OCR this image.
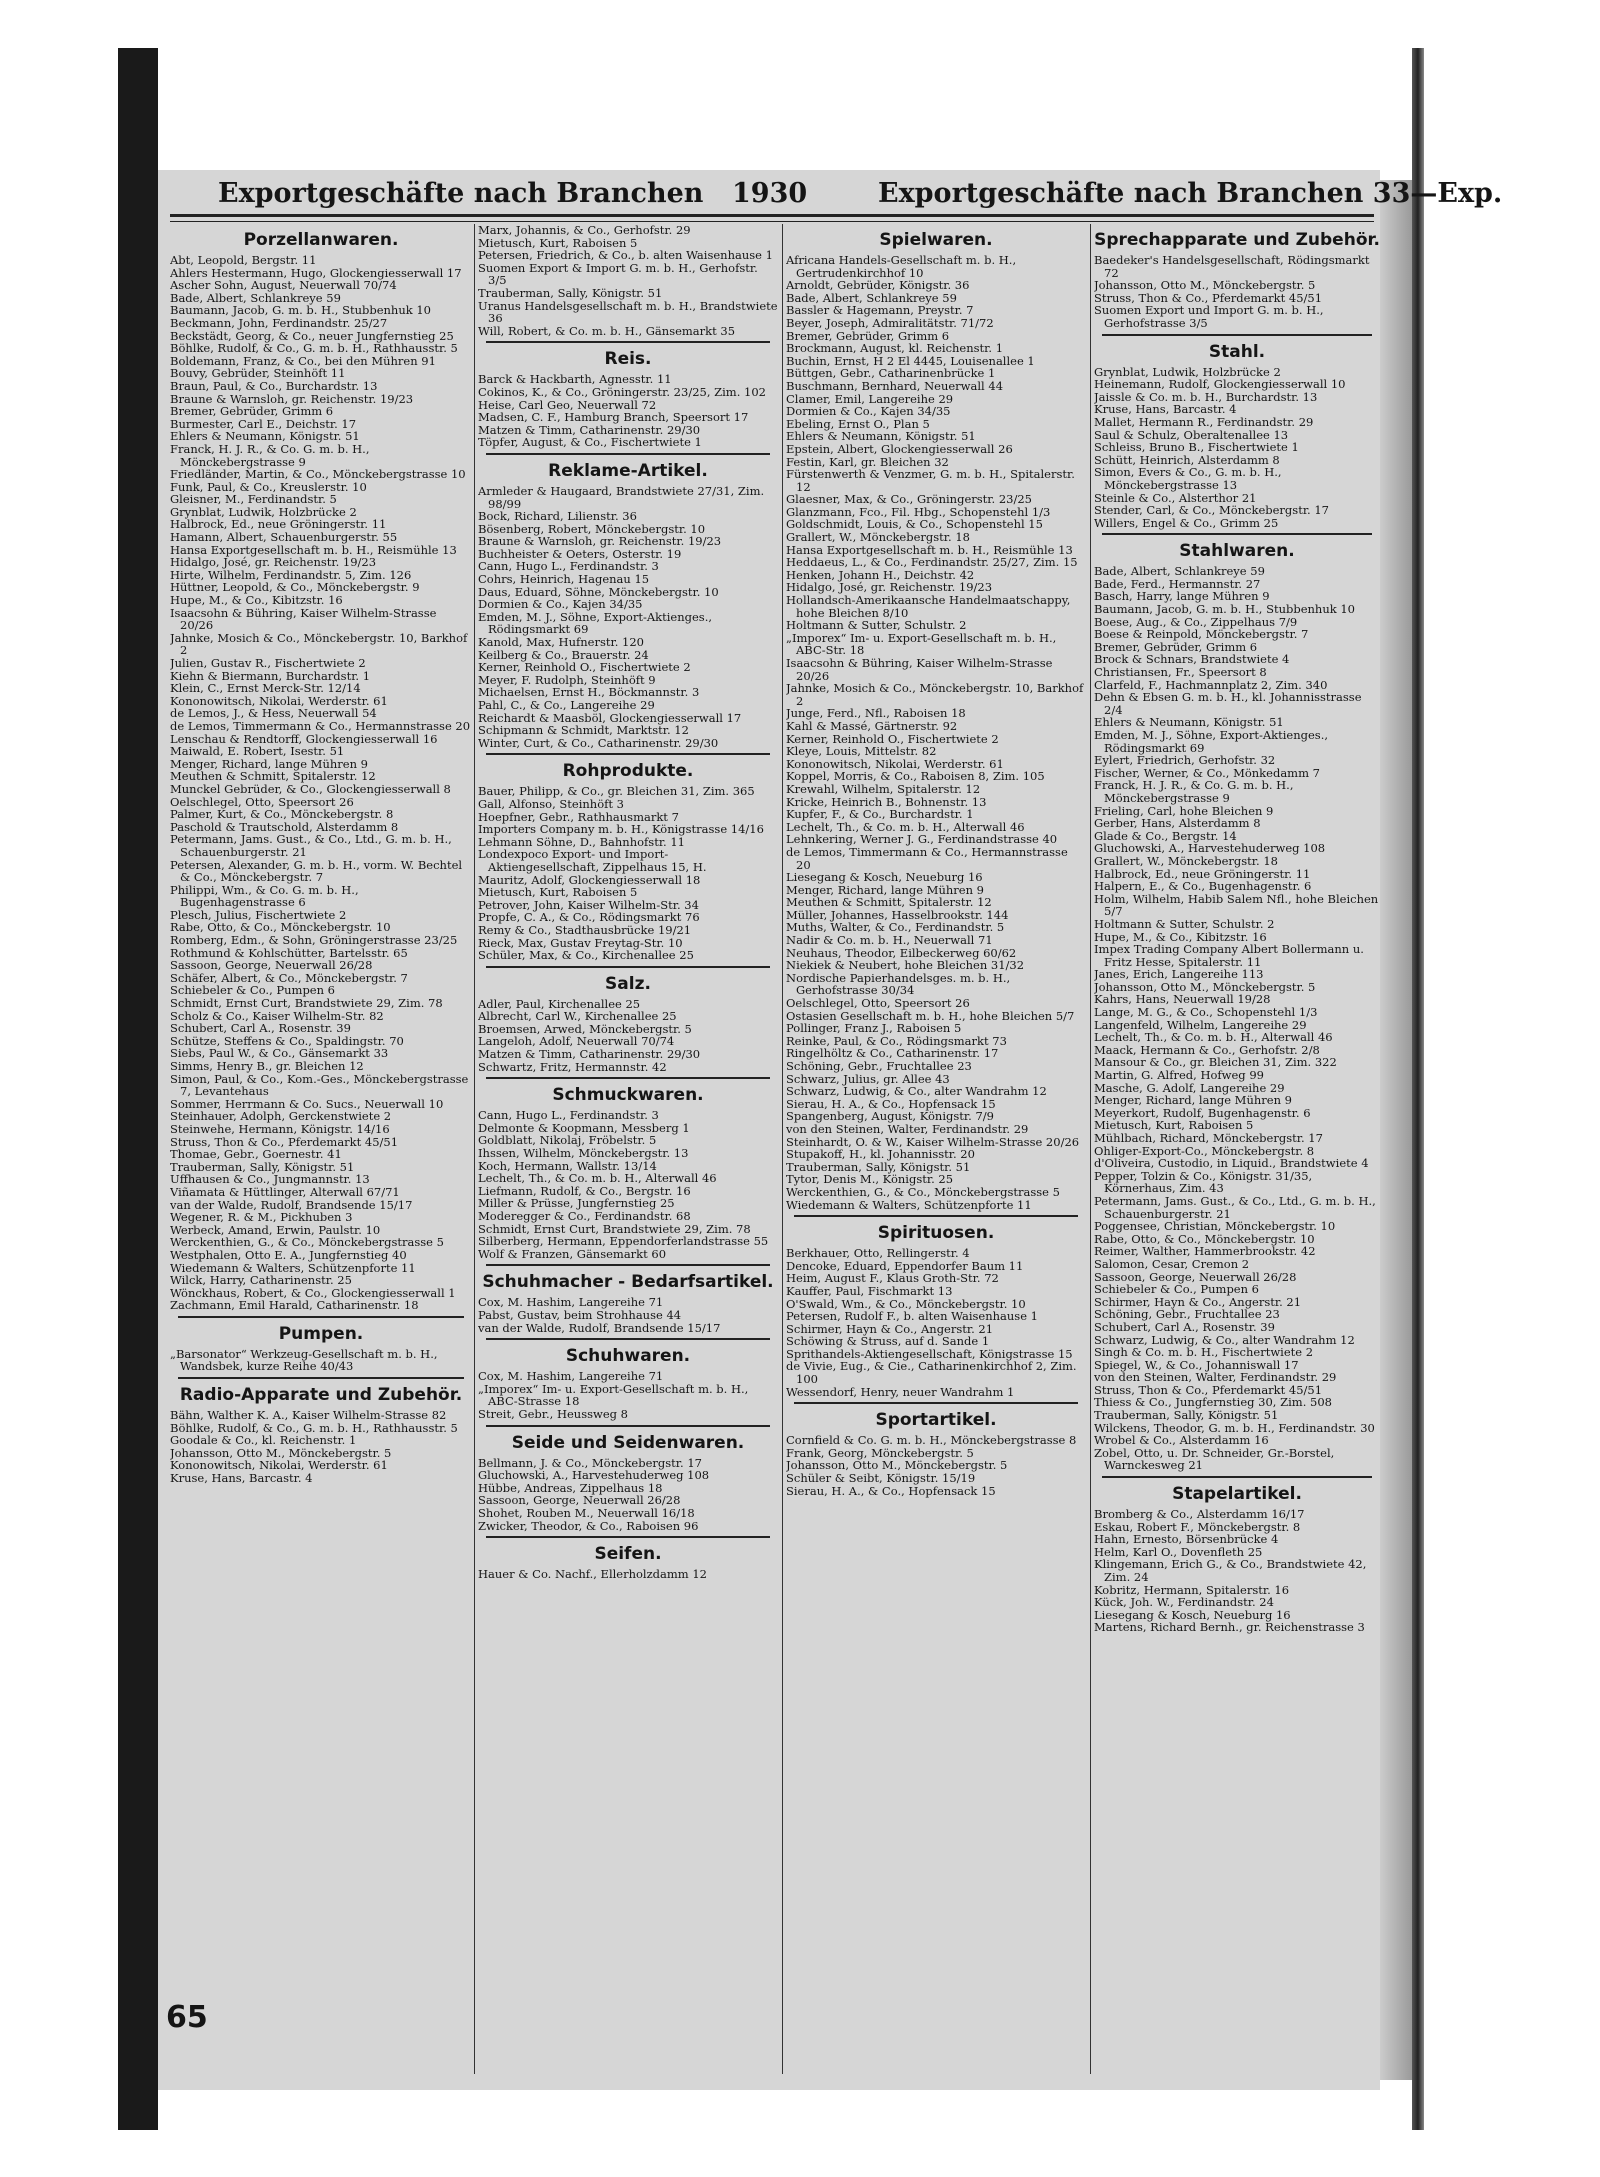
Exportgeschäfte nach Branchen 1930	Exportgeschäfte nach Branchen 33—Exp.
Porzellanwaren.
Abt, Leopold, Bergstr. 11
Ahlers Hestermann, Hugo, Glockengiesserwall 17
Ascher Sohn, August, Neuerwall 70/74
Bade, Albert, Schlankreye 59
Baumann, Jacob, G. m. b. H., Stubbenhuk 10
Beckmann, John, Ferdinandstr. 25/27
Beckstädt, Georg, & Co., neuer Jungfernstieg 25
Böhlke, Rudolf, & Co., G. m. b. H., Rathhausstr. 5
Boldemann, Franz, & Co., bei den Mühren 91
Bouvy, Gebrüder, Steinhöft 11
Braun, Paul, & Co., Burchardstr. 13
Braune & Warnsloh, gr. Reichenstr. 19/23
Bremer, Gebrüder, Grimm 6
Burmester, Carl E., Deichstr. 17
Ehlers & Neumann, Königstr. 51
Franck, H. J. R., & Co. G. m. b. H., Mönckebergstrasse 9
Friedländer, Martin, & Co., Mönckebergstrasse 10
Funk, Paul, & Co., Kreuslerstr. 10
Gleisner, M., Ferdinandstr. 5
Grynblat, Ludwik, Holzbrücke 2
Halbrock, Ed., neue Gröningerstr. 11
Hamann, Albert, Schauenburgerstr. 55
Hansa Exportgesellschaft m. b. H., Reismühle 13
Hidalgo, José, gr. Reichenstr. 19/23
Hirte, Wilhelm, Ferdinandstr. 5, Zim. 126
Hüttner, Leopold, & Co., Mönckebergstr. 9
Hupe, M., & Co., Kibitzstr. 16
Isaacsohn & Bühring, Kaiser Wilhelm-Strasse 20/26
Jahnke, Mosich & Co., Mönckebergstr. 10, Barkhof 2
Julien, Gustav R., Fischertwiete 2
Kiehn & Biermann, Burchardstr. 1
Klein, C., Ernst Merck-Str. 12/14
Kononowitsch, Nikolai, Werderstr. 61
de Lemos, J., & Hess, Neuerwall 54
de Lemos, Timmermann & Co., Hermannstrasse 20
Lenschau & Rendtorff, Glockengiesserwall 16
Maiwald, E. Robert, Isestr. 51
Menger, Richard, lange Mühren 9
Meuthen & Schmitt, Spitalerstr. 12
Munckel Gebrüder, & Co., Glockengiesserwall 8
Oelschlegel, Otto, Speersort 26
Palmer, Kurt, & Co., Mönckebergstr. 8
Paschold & Trautschold, Alsterdamm 8
Petermann, Jams. Gust., & Co., Ltd., G. m. b. H., Schauenburgerstr. 21
Petersen, Alexander, G. m. b. H., vorm. W. Bechtel & Co., Mönckebergstr. 7
Philippi, Wm., & Co. G. m. b. H., Bugenhagenstrasse 6
Plesch, Julius, Fischertwiete 2
Rabe, Otto, & Co., Mönckebergstr. 10
Romberg, Edm., & Sohn, Gröningerstrasse 23/25
Rothmund & Kohlschütter, Bartelsstr. 65
Sassoon, George, Neuerwall 26/28
Schäfer, Albert, & Co., Mönckebergstr. 7
Schiebeler & Co., Pumpen 6
Schmidt, Ernst Curt, Brandstwiete 29, Zim. 78
Scholz & Co., Kaiser Wilhelm-Str. 82
Schubert, Carl A., Rosenstr. 39
Schütze, Steffens & Co., Spaldingstr. 70
Siebs, Paul W., & Co., Gänsemarkt 33
Simms, Henry B., gr. Bleichen 12
Simon, Paul, & Co., Kom.-Ges., Mönckebergstrasse 7, Levantehaus
Sommer, Herrmann & Co. Sucs., Neuerwall 10
Steinhauer, Adolph, Gerckenstwiete 2
Steinwehe, Hermann, Königstr. 14/16
Struss, Thon & Co., Pferdemarkt 45/51
Thomae, Gebr., Goernestr. 41
Trauberman, Sally, Königstr. 51
Uffhausen & Co., Jungmannstr. 13
Viñamata & Hüttlinger, Alterwall 67/71
van der Walde, Rudolf, Brandsende 15/17
Wegener, R. & M., Pickhuben 3
Werbeck, Amand, Erwin, Paulstr. 10
Werckenthien, G., & Co., Mönckebergstrasse 5
Westphalen, Otto E. A., Jungfernstieg 40
Wiedemann & Walters, Schützenpforte 11
Wilck, Harry, Catharinenstr. 25
Wönckhaus, Robert, & Co., Glockengiesserwall 1
Zachmann, Emil Harald, Catharinenstr. 18
Pumpen.
„Barsonator“ Werkzeug-Gesellschaft m. b. H., Wandsbek, kurze Reihe 40/43
Radio-Apparate und Zubehör.
Bähn, Walther K. A., Kaiser Wilhelm-Strasse 82
Böhlke, Rudolf, & Co., G. m. b. H., Rathhausstr. 5
Goodale & Co., kl. Reichenstr. 1
Johansson, Otto M., Mönckebergstr. 5
Kononowitsch, Nikolai, Werderstr. 61
Kruse, Hans, Barcastr. 4
Marx, Johannis, & Co., Gerhofstr. 29
Mietusch, Kurt, Raboisen 5
Petersen, Friedrich, & Co., b. alten Waisenhause 1
Suomen Export & Import G. m. b. H., Gerhofstr. 3/5
Trauberman, Sally, Königstr. 51
Uranus Handelsgesellschaft m. b. H., Brandstwiete 36
Will, Robert, & Co. m. b. H., Gänsemarkt 35
Reis.
Barck & Hackbarth, Agnesstr. 11
Cokinos, K., & Co., Gröningerstr. 23/25, Zim. 102
Heise, Carl Geo, Neuerwall 72
Madsen, C. F., Hamburg Branch, Speersort 17
Matzen & Timm, Catharinenstr. 29/30
Töpfer, August, & Co., Fischertwiete 1
Reklame-Artikel.
Armleder & Haugaard, Brandstwiete 27/31, Zim. 98/99
Bock, Richard, Lilienstr. 36
Bösenberg, Robert, Mönckebergstr. 10
Braune & Warnsloh, gr. Reichenstr. 19/23
Buchheister & Oeters, Osterstr. 19
Cann, Hugo L., Ferdinandstr. 3
Cohrs, Heinrich, Hagenau 15
Daus, Eduard, Söhne, Mönckebergstr. 10
Dormien & Co., Kajen 34/35
Emden, M. J., Söhne, Export-Aktienges., Rödingsmarkt 69
Kanold, Max, Hufnerstr. 120
Keilberg & Co., Brauerstr. 24
Kerner, Reinhold O., Fischertwiete 2
Meyer, F. Rudolph, Steinhöft 9
Michaelsen, Ernst H., Böckmannstr. 3
Pahl, C., & Co., Langereihe 29
Reichardt & Maasböl, Glockengiesserwall 17
Schipmann & Schmidt, Marktstr. 12
Winter, Curt, & Co., Catharinenstr. 29/30
Rohprodukte.
Bauer, Philipp, & Co., gr. Bleichen 31, Zim. 365
Gall, Alfonso, Steinhöft 3
Hoepfner, Gebr., Rathhausmarkt 7
Importers Company m. b. H., Königstrasse 14/16
Lehmann Söhne, D., Bahnhofstr. 11
Londexpoco Export- und Import-Aktiengesellschaft, Zippelhaus 15, H.
Mauritz, Adolf, Glockengiesserwall 18
Mietusch, Kurt, Raboisen 5
Petrover, John, Kaiser Wilhelm-Str. 34
Propfe, C. A., & Co., Rödingsmarkt 76
Remy & Co., Stadthausbrücke 19/21
Rieck, Max, Gustav Freytag-Str. 10
Schüler, Max, & Co., Kirchenallee 25
Salz.
Adler, Paul, Kirchenallee 25
Albrecht, Carl W., Kirchenallee 25
Broemsen, Arwed, Mönckebergstr. 5
Langeloh, Adolf, Neuerwall 70/74
Matzen & Timm, Catharinenstr. 29/30
Schwartz, Fritz, Hermannstr. 42
Schmuckwaren.
Cann, Hugo L., Ferdinandstr. 3
Delmonte & Koopmann, Messberg 1
Goldblatt, Nikolaj, Fröbelstr. 5
Ihssen, Wilhelm, Mönckebergstr. 13
Koch, Hermann, Wallstr. 13/14
Lechelt, Th., & Co. m. b. H., Alterwall 46
Liefmann, Rudolf, & Co., Bergstr. 16
Miller & Prüsse, Jungfernstieg 25
Moderegger & Co., Ferdinandstr. 68
Schmidt, Ernst Curt, Brandstwiete 29, Zim. 78
Silberberg, Hermann, Eppendorferlandstrasse 55
Wolf & Franzen, Gänsemarkt 60
Schuhmacher - Bedarfsartikel.
Cox, M. Hashim, Langereihe 71
Pabst, Gustav, beim Strohhause 44
van der Walde, Rudolf, Brandsende 15/17
Schuhwaren.
Cox, M. Hashim, Langereihe 71
„Imporex“ Im- u. Export-Gesellschaft m. b. H., ABC-Strasse 18
Streit, Gebr., Heussweg 8
Seide und Seidenwaren.
Bellmann, J. & Co., Mönckebergstr. 17
Gluchowski, A., Harvestehuderweg 108
Hübbe, Andreas, Zippelhaus 18
Sassoon, George, Neuerwall 26/28
Shohet, Rouben M., Neuerwall 16/18
Zwicker, Theodor, & Co., Raboisen 96
Seifen.
Hauer & Co. Nachf., Ellerholzdamm 12
Spielwaren.
Africana Handels-Gesellschaft m. b. H., Gertrudenkirchhof 10
Arnoldt, Gebrüder, Königstr. 36
Bade, Albert, Schlankreye 59
Bassler & Hagemann, Preystr. 7
Beyer, Joseph, Admiralitätstr. 71/72
Bremer, Gebrüder, Grimm 6
Brockmann, August, kl. Reichenstr. 1
Buchin, Ernst, H 2 El 4445, Louisenallee 1
Büttgen, Gebr., Catharinenbrücke 1
Buschmann, Bernhard, Neuerwall 44
Clamer, Emil, Langereihe 29
Dormien & Co., Kajen 34/35
Ebeling, Ernst O., Plan 5
Ehlers & Neumann, Königstr. 51
Epstein, Albert, Glockengiesserwall 26
Festin, Karl, gr. Bleichen 32
Fürstenwerth & Venzmer, G. m. b. H., Spitalerstr. 12
Glaesner, Max, & Co., Gröningerstr. 23/25
Glanzmann, Fco., Fil. Hbg., Schopenstehl 1/3
Goldschmidt, Louis, & Co., Schopenstehl 15
Grallert, W., Mönckebergstr. 18
Hansa Exportgesellschaft m. b. H., Reismühle 13
Heddaeus, L., & Co., Ferdinandstr. 25/27, Zim. 15
Henken, Johann H., Deichstr. 42
Hidalgo, José, gr. Reichenstr. 19/23
Hollandsch-Amerikaansche Handelmaatschappy, hohe Bleichen 8/10
Holtmann & Sutter, Schulstr. 2
„Imporex“ Im- u. Export-Gesellschaft m. b. H., ABC-Str. 18
Isaacsohn & Bühring, Kaiser Wilhelm-Strasse 20/26
Jahnke, Mosich & Co., Mönckebergstr. 10, Barkhof 2
Junge, Ferd., Nfl., Raboisen 18
Kahl & Massé, Gärtnerstr. 92
Kerner, Reinhold O., Fischertwiete 2
Kleye, Louis, Mittelstr. 82
Kononowitsch, Nikolai, Werderstr. 61
Koppel, Morris, & Co., Raboisen 8, Zim. 105
Krewahl, Wilhelm, Spitalerstr. 12
Kricke, Heinrich B., Bohnenstr. 13
Kupfer, F., & Co., Burchardstr. 1
Lechelt, Th., & Co. m. b. H., Alterwall 46
Lehnkering, Werner J. G., Ferdinandstrasse 40
de Lemos, Timmermann & Co., Hermannstrasse 20
Liesegang & Kosch, Neueburg 16
Menger, Richard, lange Mühren 9
Meuthen & Schmitt, Spitalerstr. 12
Müller, Johannes, Hasselbrookstr. 144
Muths, Walter, & Co., Ferdinandstr. 5
Nadir & Co. m. b. H., Neuerwall 71
Neuhaus, Theodor, Eilbeckerweg 60/62
Niekiek & Neubert, hohe Bleichen 31/32
Nordische Papierhandelsges. m. b. H., Gerhofstrasse 30/34
Oelschlegel, Otto, Speersort 26
Ostasien Gesellschaft m. b. H., hohe Bleichen 5/7
Pollinger, Franz J., Raboisen 5
Reinke, Paul, & Co., Rödingsmarkt 73
Ringelhöltz & Co., Catharinenstr. 17
Schöning, Gebr., Fruchtallee 23
Schwarz, Julius, gr. Allee 43
Schwarz, Ludwig, & Co., alter Wandrahm 12
Sierau, H. A., & Co., Hopfensack 15
Spangenberg, August, Königstr. 7/9
von den Steinen, Walter, Ferdinandstr. 29
Steinhardt, O. & W., Kaiser Wilhelm-Strasse 20/26
Stupakoff, H., kl. Johannisstr. 20
Trauberman, Sally, Königstr. 51
Tytor, Denis M., Königstr. 25
Werckenthien, G., & Co., Mönckebergstrasse 5
Wiedemann & Walters, Schützenpforte 11
Spirituosen.
Berkhauer, Otto, Rellingerstr. 4
Dencoke, Eduard, Eppendorfer Baum 11
Heim, August F., Klaus Groth-Str. 72
Kauffer, Paul, Fischmarkt 13
O'Swald, Wm., & Co., Mönckebergstr. 10
Petersen, Rudolf F., b. alten Waisenhause 1
Schirmer, Hayn & Co., Angerstr. 21
Schöwing & Struss, auf d. Sande 1
Sprithandels-Aktiengesellschaft, Königstrasse 15
de Vivie, Eug., & Cie., Catharinenkirchhof 2, Zim. 100
Wessendorf, Henry, neuer Wandrahm 1
Sportartikel.
Cornfield & Co. G. m. b. H., Mönckebergstrasse 8
Frank, Georg, Mönckebergstr. 5
Johansson, Otto M., Mönckebergstr. 5
Schüler & Seibt, Königstr. 15/19
Sierau, H. A., & Co., Hopfensack 15
Sprechapparate und Zubehör.
Baedeker's Handelsgesellschaft, Rödingsmarkt 72
Johansson, Otto M., Mönckebergstr. 5
Struss, Thon & Co., Pferdemarkt 45/51
Suomen Export und Import G. m. b. H., Gerhofstrasse 3/5
Stahl.
Grynblat, Ludwik, Holzbrücke 2
Heinemann, Rudolf, Glockengiesserwall 10
Jaissle & Co. m. b. H., Burchardstr. 13
Kruse, Hans, Barcastr. 4
Mallet, Hermann R., Ferdinandstr. 29
Saul & Schulz, Oberaltenallee 13
Schleiss, Bruno B., Fischertwiete 1
Schütt, Heinrich, Alsterdamm 8
Simon, Evers & Co., G. m. b. H., Mönckebergstrasse 13
Steinle & Co., Alsterthor 21
Stender, Carl, & Co., Mönckebergstr. 17
Willers, Engel & Co., Grimm 25
Stahlwaren.
Bade, Albert, Schlankreye 59
Bade, Ferd., Hermannstr. 27
Basch, Harry, lange Mühren 9
Baumann, Jacob, G. m. b. H., Stubbenhuk 10
Boese, Aug., & Co., Zippelhaus 7/9
Boese & Reinpold, Mönckebergstr. 7
Bremer, Gebrüder, Grimm 6
Brock & Schnars, Brandstwiete 4
Christiansen, Fr., Speersort 8
Clarfeld, F., Hachmannplatz 2, Zim. 340
Dehn & Ebsen G. m. b. H., kl. Johannisstrasse 2/4
Ehlers & Neumann, Königstr. 51
Emden, M. J., Söhne, Export-Aktienges., Rödingsmarkt 69
Eylert, Friedrich, Gerhofstr. 32
Fischer, Werner, & Co., Mönkedamm 7
Franck, H. J. R., & Co. G. m. b. H., Mönckebergstrasse 9
Frieling, Carl, hohe Bleichen 9
Gerber, Hans, Alsterdamm 8
Glade & Co., Bergstr. 14
Gluchowski, A., Harvestehuderweg 108
Grallert, W., Mönckebergstr. 18
Halbrock, Ed., neue Gröningerstr. 11
Halpern, E., & Co., Bugenhagenstr. 6
Holm, Wilhelm, Habib Salem Nfl., hohe Bleichen 5/7
Holtmann & Sutter, Schulstr. 2
Hupe, M., & Co., Kibitzstr. 16
Impex Trading Company Albert Bollermann u. Fritz Hesse, Spitalerstr. 11
Janes, Erich, Langereihe 113
Johansson, Otto M., Mönckebergstr. 5
Kahrs, Hans, Neuerwall 19/28
Lange, M. G., & Co., Schopenstehl 1/3
Langenfeld, Wilhelm, Langereihe 29
Lechelt, Th., & Co. m. b. H., Alterwall 46
Maack, Hermann & Co., Gerhofstr. 2/8
Mansour & Co., gr. Bleichen 31, Zim. 322
Martin, G. Alfred, Hofweg 99
Masche, G. Adolf, Langereihe 29
Menger, Richard, lange Mühren 9
Meyerkort, Rudolf, Bugenhagenstr. 6
Mietusch, Kurt, Raboisen 5
Mühlbach, Richard, Mönckebergstr. 17
Ohliger-Export-Co., Mönckebergstr. 8
d'Oliveira, Custodio, in Liquid., Brandstwiete 4
Pepper, Tolzin & Co., Königstr. 31/35, Körnerhaus, Zim. 43
Petermann, Jams. Gust., & Co., Ltd., G. m. b. H., Schauenburgerstr. 21
Poggensee, Christian, Mönckebergstr. 10
Rabe, Otto, & Co., Mönckebergstr. 10
Reimer, Walther, Hammerbrookstr. 42
Salomon, Cesar, Cremon 2
Sassoon, George, Neuerwall 26/28
Schiebeler & Co., Pumpen 6
Schirmer, Hayn & Co., Angerstr. 21
Schöning, Gebr., Fruchtallee 23
Schubert, Carl A., Rosenstr. 39
Schwarz, Ludwig, & Co., alter Wandrahm 12
Singh & Co. m. b. H., Fischertwiete 2
Spiegel, W., & Co., Johanniswall 17
von den Steinen, Walter, Ferdinandstr. 29
Struss, Thon & Co., Pferdemarkt 45/51
Thiess & Co., Jungfernstieg 30, Zim. 508
Trauberman, Sally, Königstr. 51
Wilckens, Theodor, G. m. b. H., Ferdinandstr. 30
Wrobel & Co., Alsterdamm 16
Zobel, Otto, u. Dr. Schneider, Gr.-Borstel, Warnckesweg 21
Stapelartikel.
Bromberg & Co., Alsterdamm 16/17
Eskau, Robert F., Mönckebergstr. 8
Hahn, Ernesto, Börsenbrücke 4
Helm, Karl O., Dovenfleth 25
Klingemann, Erich G., & Co., Brandstwiete 42, Zim. 24
Kobritz, Hermann, Spitalerstr. 16
Kück, Joh. W., Ferdinandstr. 24
Liesegang & Kosch, Neueburg 16
Martens, Richard Bernh., gr. Reichenstrasse 3
65
